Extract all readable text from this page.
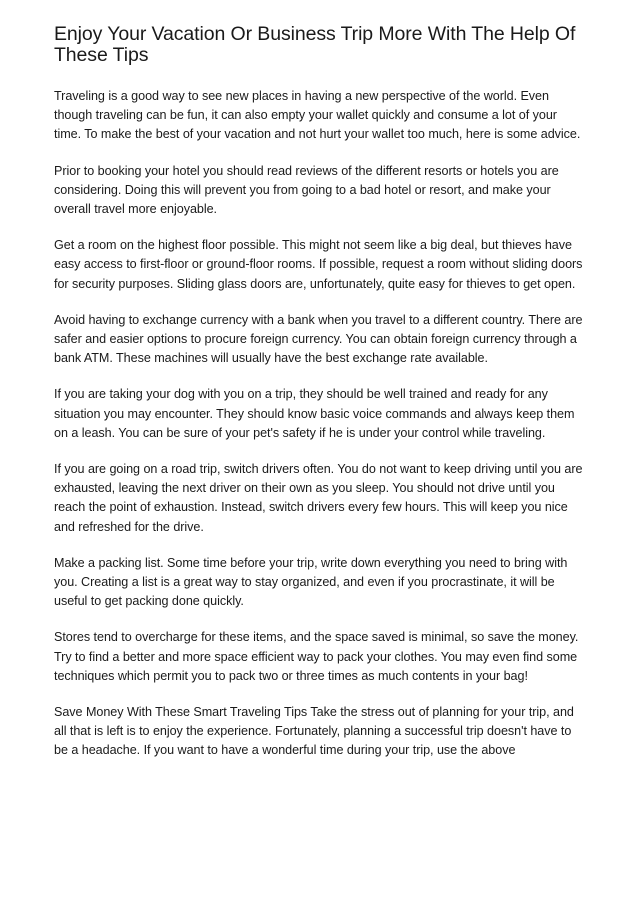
Enjoy Your Vacation Or Business Trip More With The Help Of These Tips

Traveling is a good way to see new places in having a new perspective of the world. Even though traveling can be fun, it can also empty your wallet quickly and consume a lot of your time. To make the best of your vacation and not hurt your wallet too much, here is some advice.

Prior to booking your hotel you should read reviews of the different resorts or hotels you are considering. Doing this will prevent you from going to a bad hotel or resort, and make your overall travel more enjoyable.

Get a room on the highest floor possible. This might not seem like a big deal, but thieves have easy access to first-floor or ground-floor rooms. If possible, request a room without sliding doors for security purposes. Sliding glass doors are, unfortunately, quite easy for thieves to get open.

Avoid having to exchange currency with a bank when you travel to a different country. There are safer and easier options to procure foreign currency. You can obtain foreign currency through a bank ATM. These machines will usually have the best exchange rate available.

If you are taking your dog with you on a trip, they should be well trained and ready for any situation you may encounter. They should know basic voice commands and always keep them on a leash. You can be sure of your pet's safety if he is under your control while traveling.

If you are going on a road trip, switch drivers often. You do not want to keep driving until you are exhausted, leaving the next driver on their own as you sleep. You should not drive until you reach the point of exhaustion. Instead, switch drivers every few hours. This will keep you nice and refreshed for the drive.

Make a packing list. Some time before your trip, write down everything you need to bring with you. Creating a list is a great way to stay organized, and even if you procrastinate, it will be useful to get packing done quickly.

Stores tend to overcharge for these items, and the space saved is minimal, so save the money. Try to find a better and more space efficient way to pack your clothes. You may even find some techniques which permit you to pack two or three times as much contents in your bag!

Save Money With These Smart Traveling Tips Take the stress out of planning for your trip, and all that is left is to enjoy the experience. Fortunately, planning a successful trip doesn't have to be a headache. If you want to have a wonderful time during your trip, use the above
